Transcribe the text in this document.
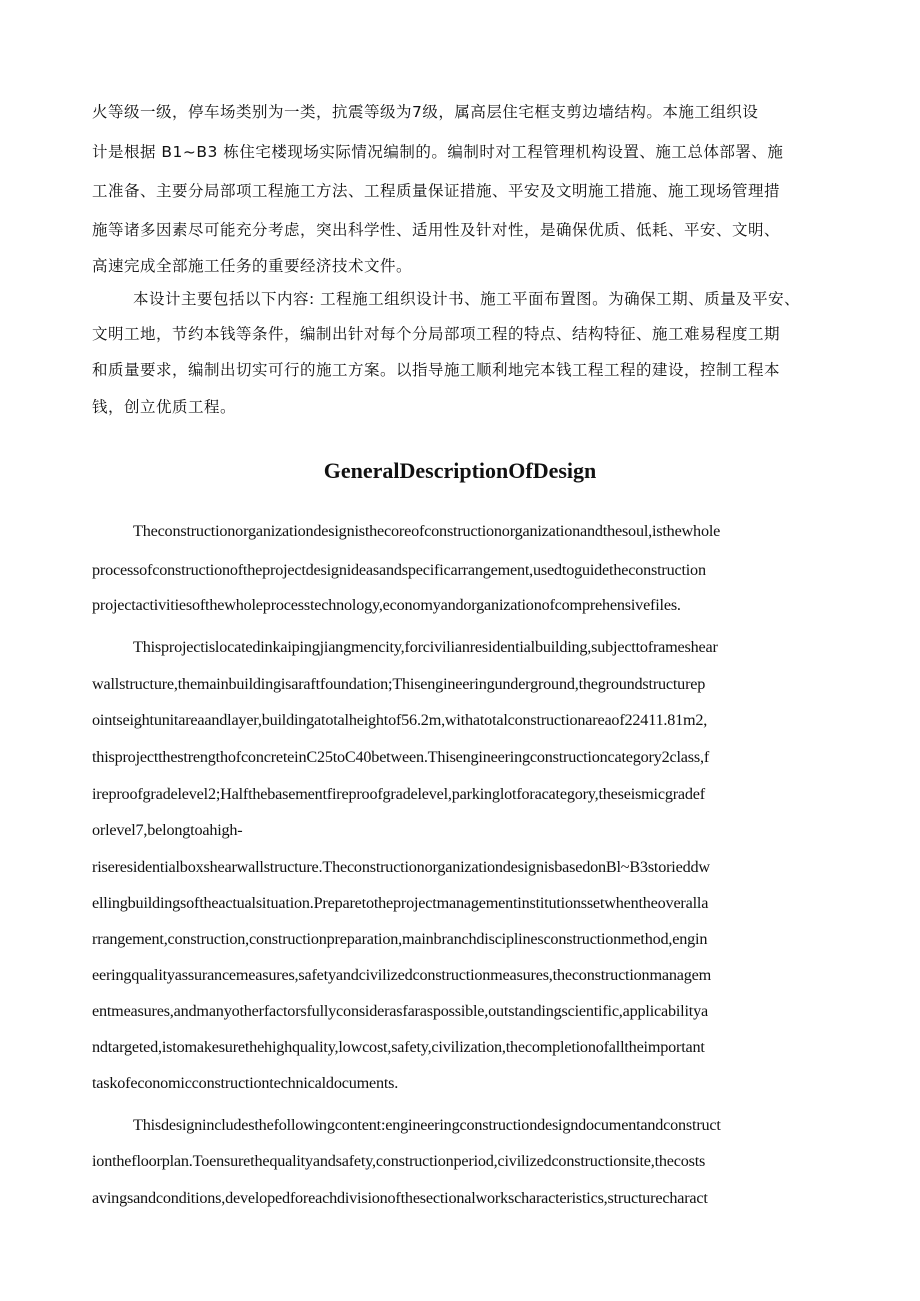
火等级一级，停车场类别为一类，抗震等级为7级，属高层住宅框支剪边墙结构。本施工组织设
计是根据 B1~B3 栋住宅楼现场实际情况编制的。编制时对工程管理机构设置、施工总体部署、施
工准备、主要分局部项工程施工方法、工程质量保证措施、平安及文明施工措施、施工现场管理措
施等诸多因素尽可能充分考虑，突出科学性、适用性及针对性，是确保优质、低耗、平安、文明、
高速完成全部施工任务的重要经济技术文件。
本设计主要包括以下内容: 工程施工组织设计书、施工平面布置图。为确保工期、质量及平安、
文明工地，节约本钱等条件，编制出针对每个分局部项工程的特点、结构特征、施工难易程度工期
和质量要求，编制出切实可行的施工方案。以指导施工顺利地完本钱工程工程的建设，控制工程本
钱，创立优质工程。
GeneralDescriptionOfDesign
Theconstructionorganizationdesignisthecoreofconstructionorganizationandthesoul,isthewhole
processofconstructionoftheprojectdesignideasandspecificarrangement,usedtoguidetheconstruction
projectactivitiesofthewholeprocesstechnology,economyandorganizationofcomprehensivefiles.
Thisprojectislocatedinkaipingjiangmencity,forcivilianresidentialbuilding,subjecttoframeshear
wallstructure,themainbuildingisaraftfoundation;Thisengineeringunderground,thegroundstructurep
ointseightunitareaandlayer,buildingatotalheightof56.2m,withatotalconstructionareaof22411.81m2,
thisprojectthestrengthofconcreteinC25toC40between.Thisengineeringconstructioncategory2class,f
ireproofgradelevel2;Halfthebasementfireproofgradelevel,parkinglotforacategory,theseismicgradef
orlevel7,belongtoahigh-
riseresidentialboxshearwallstructure.TheconstructionorganizationdesignisbasedonBl~B3storieddw
ellingbuildingsoftheactualsituation.Preparetotheprojectmanagementinstitutionssetwhentheoveralla
rrangement,construction,constructionpreparation,mainbranchdisciplinesconstructionmethod,engin
eeringqualityassurancemeasures,safetyandcivilizedconstructionmeasures,theconstructionmanagem
entmeasures,andmanyotherfactorsfullyconsiderasfaraspossible,outstandingscientific,applicabilitya
ndtargeted,istomakesurethehighquality,lowcost,safety,civilization,thecompletionofalltheimportant
taskofeconomicconstructiontechnicaldocuments.
Thisdesignincludesthefollowingcontent:engineeringconstructiondesigndocumentandconstruct
ionthefloorplan.Toensurethequalityandsafety,constructionperiod,civilizedconstructionsite,thecosts
avingsandconditions,developedforeachdivisionofthesectionalworkscharacteristics,structurecharact
